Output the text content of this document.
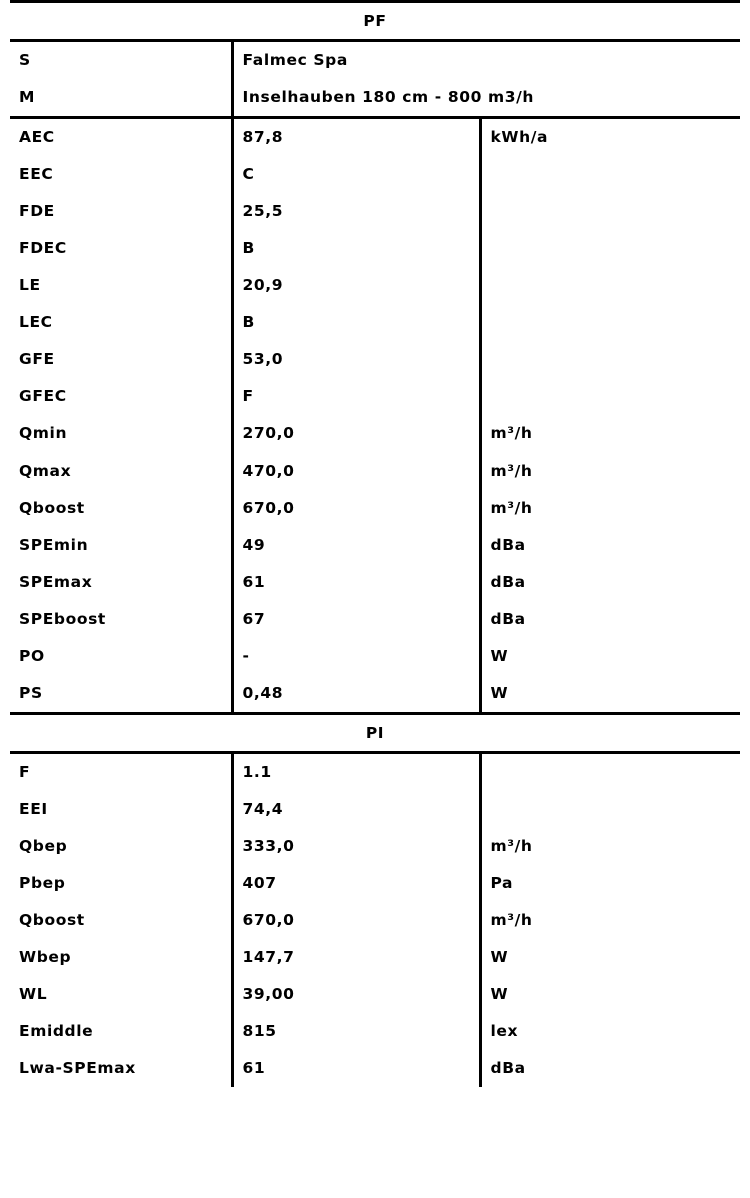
PF		
S	Falmec Spa	
M	Inselhauben 180 cm - 800 m3/h	
AEC	87,8	kWh/a
EEC	C	
FDE	25,5	
FDEC	B	
LE	20,9	
LEC	B	
GFE	53,0	
GFEC	F	
Qmin	270,0	m³/h
Qmax	470,0	m³/h
Qboost	670,0	m³/h
SPEmin	49	dBa
SPEmax	61	dBa
SPEboost	67	dBa
PO	-	W
PS	0,48	W
PI		
F	1.1	
EEI	74,4	
Qbep	333,0	m³/h
Pbep	407	Pa
Qboost	670,0	m³/h
Wbep	147,7	W
WL	39,00	W
Emiddle	815	lex
Lwa-SPEmax	61	dBa
